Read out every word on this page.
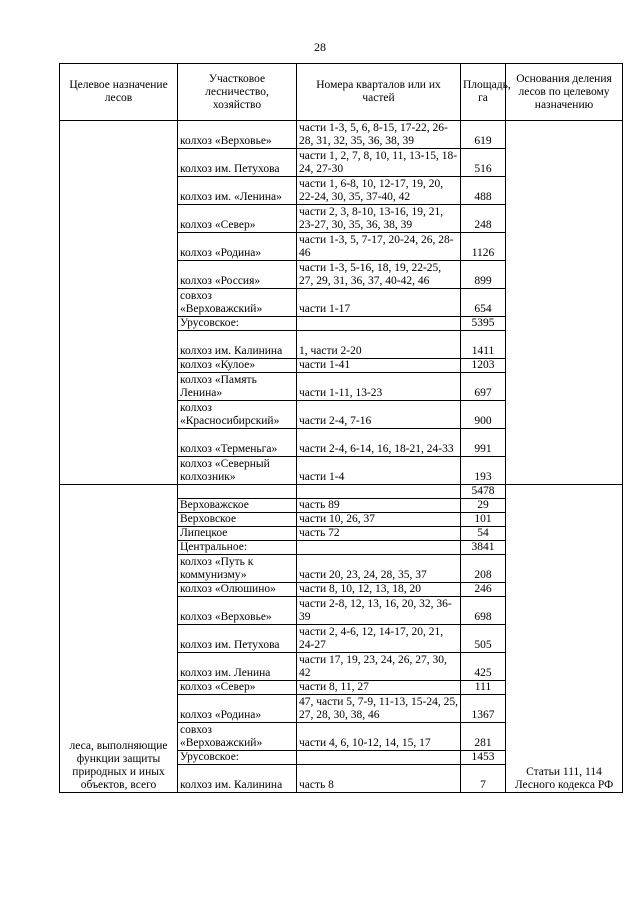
28
Целевое назначение лесов	Участковое лесничество, хозяйство	Номера кварталов или их частей	Площадь, га	Основания деления лесов по целевому назначению
	колхоз «Верховье»	части 1-3, 5, 6, 8-15, 17-22, 26-28, 31, 32, 35, 36, 38, 39	619	
	колхоз им. Петухова	части 1, 2, 7, 8, 10, 11, 13-15, 18-24, 27-30	516	
	колхоз им. «Ленина»	части 1, 6-8, 10, 12-17, 19, 20, 22-24, 30, 35, 37-40, 42	488	
	колхоз «Север»	части 2, 3, 8-10, 13-16, 19, 21, 23-27, 30, 35, 36, 38, 39	248	
	колхоз «Родина»	части 1-3, 5, 7-17, 20-24, 26, 28-46	1126	
	колхоз «Россия»	части 1-3, 5-16, 18, 19, 22-25, 27, 29, 31, 36, 37, 40-42, 46	899	
	совхоз «Верховажский»	части 1-17	654	
	Урусовское:		5395	
	колхоз им. Калинина	1, части 2-20	1411	
	колхоз «Кулое»	части 1-41	1203	
	колхоз «Память Ленина»	части 1-11, 13-23	697	
	колхоз «Красносибирский»	части 2-4, 7-16	900	
	колхоз «Терменьга»	части 2-4, 6-14, 16, 18-21, 24-33	991	
	колхоз «Северный колхозник»	части 1-4	193	
леса, выполняющие функции защиты природных и иных объектов, всего			5478	Статьи 111, 114 Лесного кодекса РФ
	Верховажское	часть 89	29	
	Верховское	части 10, 26, 37	101	
	Липецкое	часть 72	54	
	Центральное:		3841	
	колхоз «Путь к коммунизму»	части 20, 23, 24, 28, 35, 37	208	
	колхоз «Олюшино»	части 8, 10, 12, 13, 18, 20	246	
	колхоз «Верховье»	части 2-8, 12, 13, 16, 20, 32, 36-39	698	
	колхоз им. Петухова	части 2, 4-6, 12, 14-17, 20, 21, 24-27	505	
	колхоз им. Ленина	части 17, 19, 23, 24, 26, 27, 30, 42	425	
	колхоз «Север»	части 8, 11, 27	111	
	колхоз «Родина»	47, части 5, 7-9, 11-13, 15-24, 25, 27, 28, 30, 38, 46	1367	
	совхоз «Верховажский»	части 4, 6, 10-12, 14, 15, 17	281	
	Урусовское:		1453	
	колхоз им. Калинина	часть 8	7	
